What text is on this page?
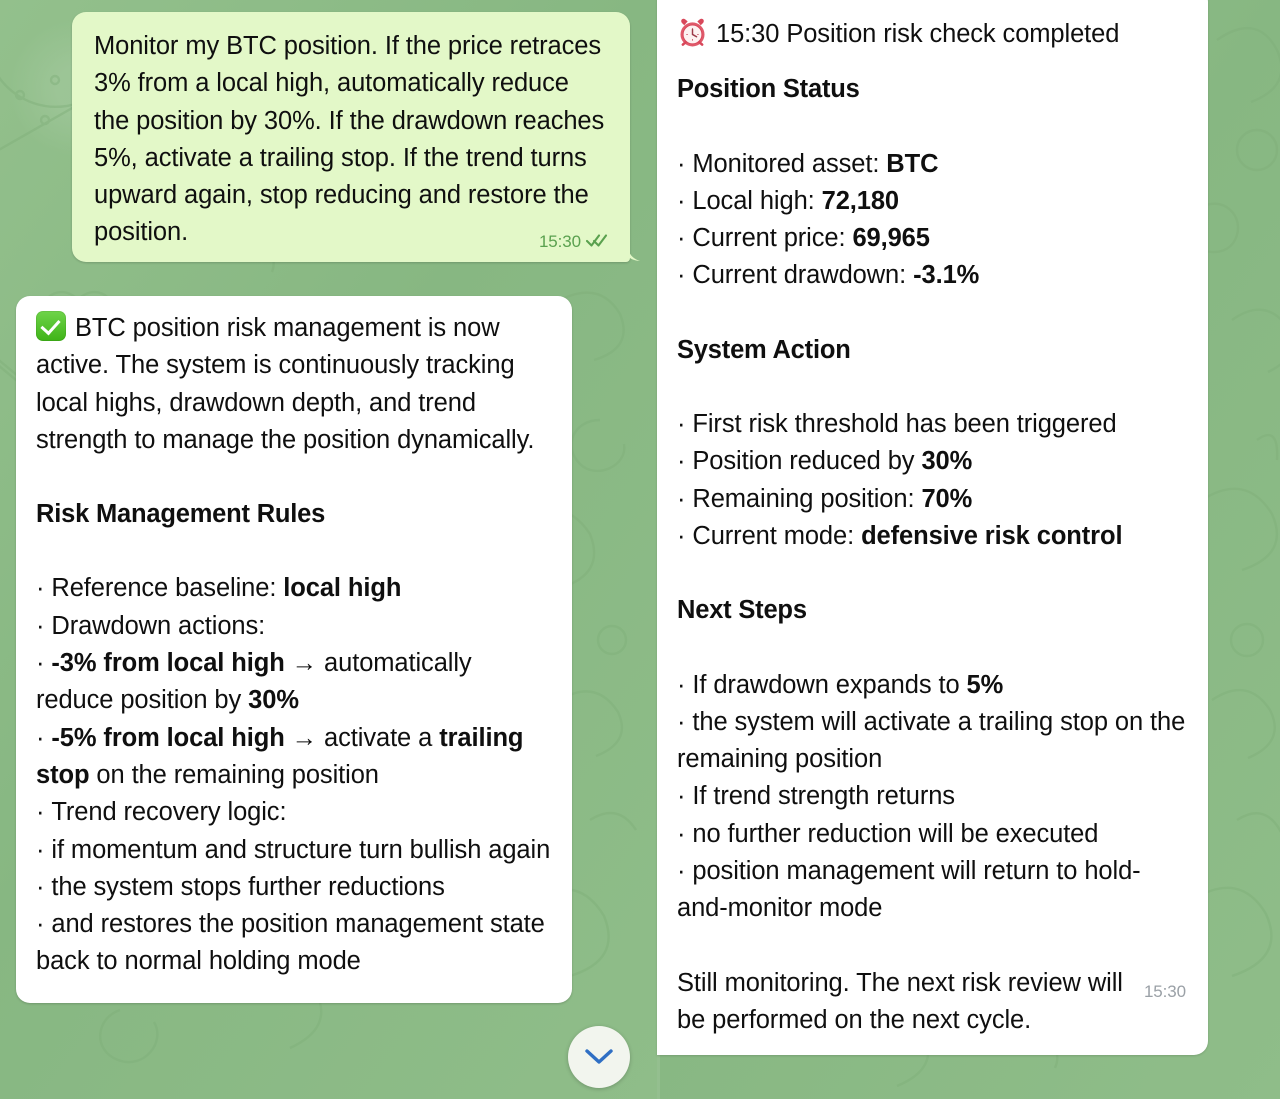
Monitor my BTC position. If the price retraces 3% from a local high, automatically reduce the position by 30%. If the drawdown reaches 5%, activate a trailing stop. If the trend turns upward again, stop reducing and restore the position.	15:30

BTC position risk management is now active. The system is continuously tracking local highs, drawdown depth, and trend strength to manage the position dynamically.

Risk Management Rules

· Reference baseline: local high

· Drawdown actions:

· -3% from local high → automatically reduce position by 30%

· -5% from local high → activate a trailing stop on the remaining position

· Trend recovery logic:

· if momentum and structure turn bullish again

· the system stops further reductions

· and restores the position management state back to normal holding mode

15:30 Position risk check completed

Position Status

· Monitored asset: BTC

· Local high: 72,180

· Current price: 69,965

· Current drawdown: -3.1%

System Action

· First risk threshold has been triggered

· Position reduced by 30%

· Remaining position: 70%

· Current mode: defensive risk control

Next Steps

· If drawdown expands to 5%

· the system will activate a trailing stop on the remaining position

· If trend strength returns

· no further reduction will be executed

· position management will return to hold-and-monitor mode

15:30
Still monitoring. The next risk review will be performed on the next cycle.
